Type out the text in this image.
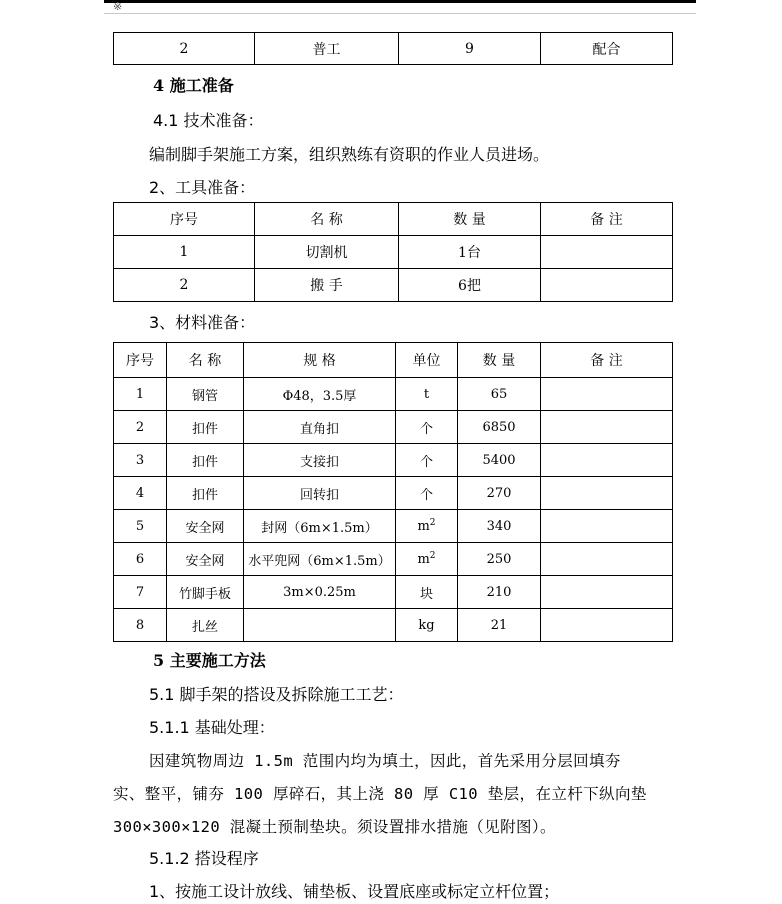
※
2	普工	9	配合
4 施工准备
4.1 技术准备：
编制脚手架施工方案，组织熟练有资职的作业人员进场。
2、工具准备：
序号	名 称	数 量	备 注
1	切割机	1台	
2	搬 手	6把	
3、材料准备：
序号	名 称	规 格	单位	数 量	备 注
1	钢管	Φ48，3.5厚	t	65	
2	扣件	直角扣	个	6850	
3	扣件	支接扣	个	5400	
4	扣件	回转扣	个	270	
5	安全网	封网（6m×1.5m）	$m^2$	340	
6	安全网	水平兜网（6m×1.5m）	$m^2$	250	
7	竹脚手板	3m×0.25m	块	210	
8	扎丝		kg	21	
5 主要施工方法
5.1 脚手架的搭设及拆除施工工艺：
5.1.1 基础处理：
因建筑物周边 1.5m 范围内均为填土，因此，首先采用分层回填夯
实、整平，铺夯 100 厚碎石，其上浇 80 厚 C10 垫层，在立杆下纵向垫
300×300×120 混凝土预制垫块。须设置排水措施（见附图）。
5.1.2 搭设程序
1、按施工设计放线、铺垫板、设置底座或标定立杆位置；
